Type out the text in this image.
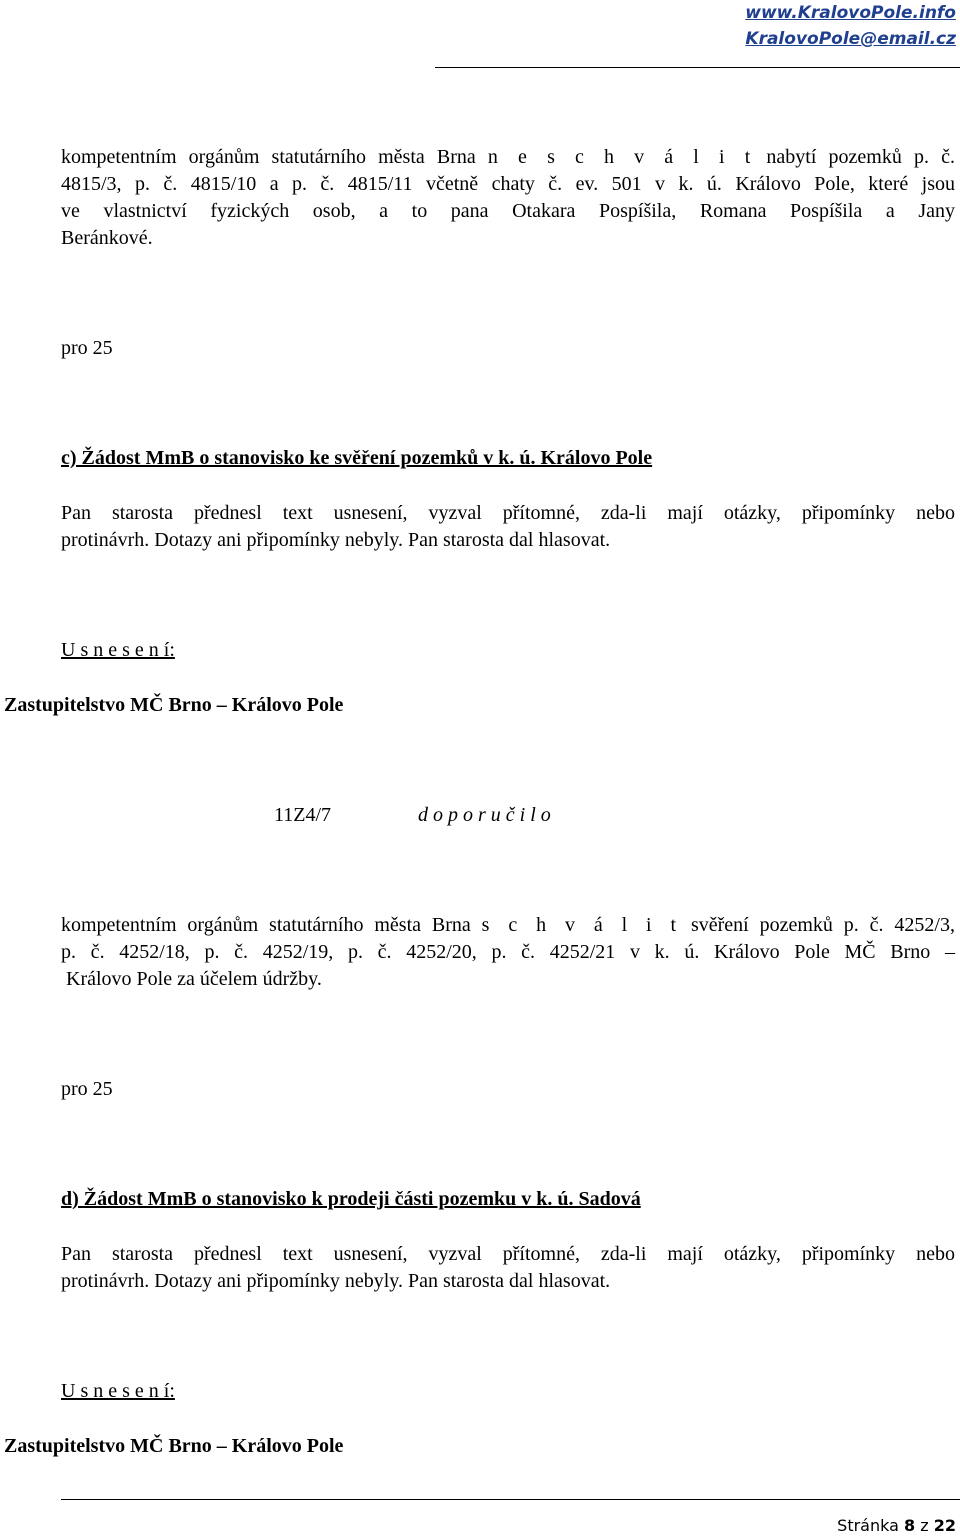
www.KralovoPole.info
KralovoPole@email.cz
kompetentním orgánům statutárního města Brna n e s c h v á l i t nabytí pozemků p. č.
4815/3, p. č. 4815/10 a p. č. 4815/11 včetně chaty č. ev. 501 v k. ú. Královo Pole, které jsou
ve vlastnictví fyzických osob, a to pana Otakara Pospíšila, Romana Pospíšila a Jany
Beránkové.
pro 25
c) Žádost MmB o stanovisko ke svěření pozemků v k. ú. Královo Pole
Pan starosta přednesl text usnesení, vyzval přítomné, zda-li mají otázky, připomínky nebo
protinávrh. Dotazy ani připomínky nebyly. Pan starosta dal hlasovat.
U s n e s e n í:
Zastupitelstvo MČ Brno – Královo Pole
11Z4/7	d o p o r u č i l o
kompetentním orgánům statutárního města Brna s c h v á l i t svěření pozemků p. č. 4252/3,
p. č. 4252/18, p. č. 4252/19, p. č. 4252/20, p. č. 4252/21 v k. ú. Královo Pole MČ Brno –
Královo Pole za účelem údržby.
pro 25
d) Žádost MmB o stanovisko k prodeji části pozemku v k. ú. Sadová
Pan starosta přednesl text usnesení, vyzval přítomné, zda-li mají otázky, připomínky nebo
protinávrh. Dotazy ani připomínky nebyly. Pan starosta dal hlasovat.
U s n e s e n í:
Zastupitelstvo MČ Brno – Královo Pole
Stránka 8 z 22
